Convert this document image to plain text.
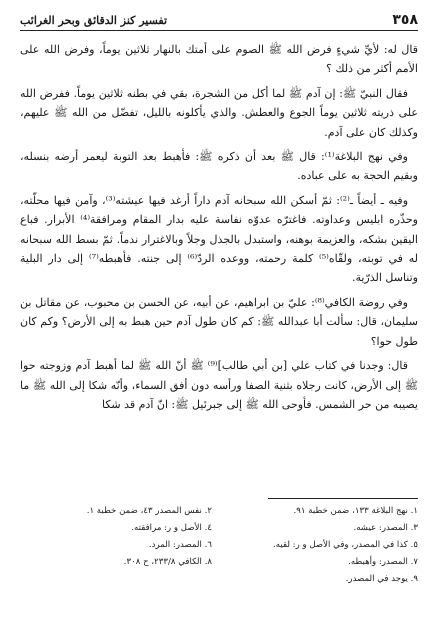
٣٥٨
تفسير كنز الدقائق وبحر الغرائب

قال له: لأيِّ شيءٍ فرض الله ﷺ الصوم على أمتك بالنهار ثلاثين يوماً، وفرض الله على الأمم أكثر من ذلك ؟

فقال النبيّ ﷺ: إن آدم ﷺ لما أكل من الشجرة، بقي في بطنه ثلاثين يوماً. ففرض الله على ذريته ثلاثين يوماً الجوع والعطش. والذي يأكلونه بالليل، تفضّل من الله ﷺ عليهم، وكذلك كان على آدم.

وفي نهج البلاغة⁽¹⁾: قال ﷺ بعد أن ذكره ﷺ: فأهبط بعد التوبة ليعمر أرضه بنسله، وبقيم الحجة به على عباده.

وفيه ـ أيضاً ـ⁽²⁾: ثمّ أسكن الله سبحانه آدم داراً أرغد فيها عيشته⁽³⁾، وآمن فيها محلّته، وحذّره ابليس وعداوته. فاغترّه عدوّه نفاسة عليه بدار المقام ومرافقة⁽⁴⁾ الأبرار. فباع اليقين بشكه، والعزيمة بوهنه، واستبدل بالجذل وجلاً وبالاغترار ندماً. ثمّ بسط الله سبحانه له في توبته، ولقّاه⁽⁵⁾ كلمة رحمته، ووعده الردّ⁽⁶⁾ إلى جنته. فأهبطه⁽⁷⁾ إلى دار البلية وتناسل الذرّية.

وفي روضة الكافي⁽⁸⁾: عليّ بن ابراهيم، عن أبيه، عن الحسن بن محبوب، عن مقاتل بن سليمان، قال: سألت أبا عبدالله ﷺ: كم كان طول آدم حين هبط به إلى الأرض؟ وكم كان طول حوا؟

قال: وجدنا في كتاب علي [بن أبي طالب]⁽⁹⁾ ﷺ أنّ الله ﷺ لما أهبط آدم وزوجته حوا ﷺ إلى الأرض، كانت رجلاه بثنية الصفا ورأسه دون أفق السماء، وأنّه شكا إلى الله ﷺ ما يصيبه من حر الشمس. فأوحى الله ﷺ إلى جبرئيل ﷺ: انّ آدم قد شكا

١. نهج البلاغة ١٣٣، ضمن خطبة ٩١.
٢. نفس المصدر ٤٣، ضمن خطبة ١.
٣. المصدر: عيشه.
٤. الأصل و ر: مرافقته.
٥. كذا في المصدر، وفي الأصل و ر: لقيه.
٦. المصدر: المرد.
٧. المصدر: وأهبطه.
٨. الكافي ٢٣٣/٨، ح ٣٠٨.
٩. يوجد في المصدر.
